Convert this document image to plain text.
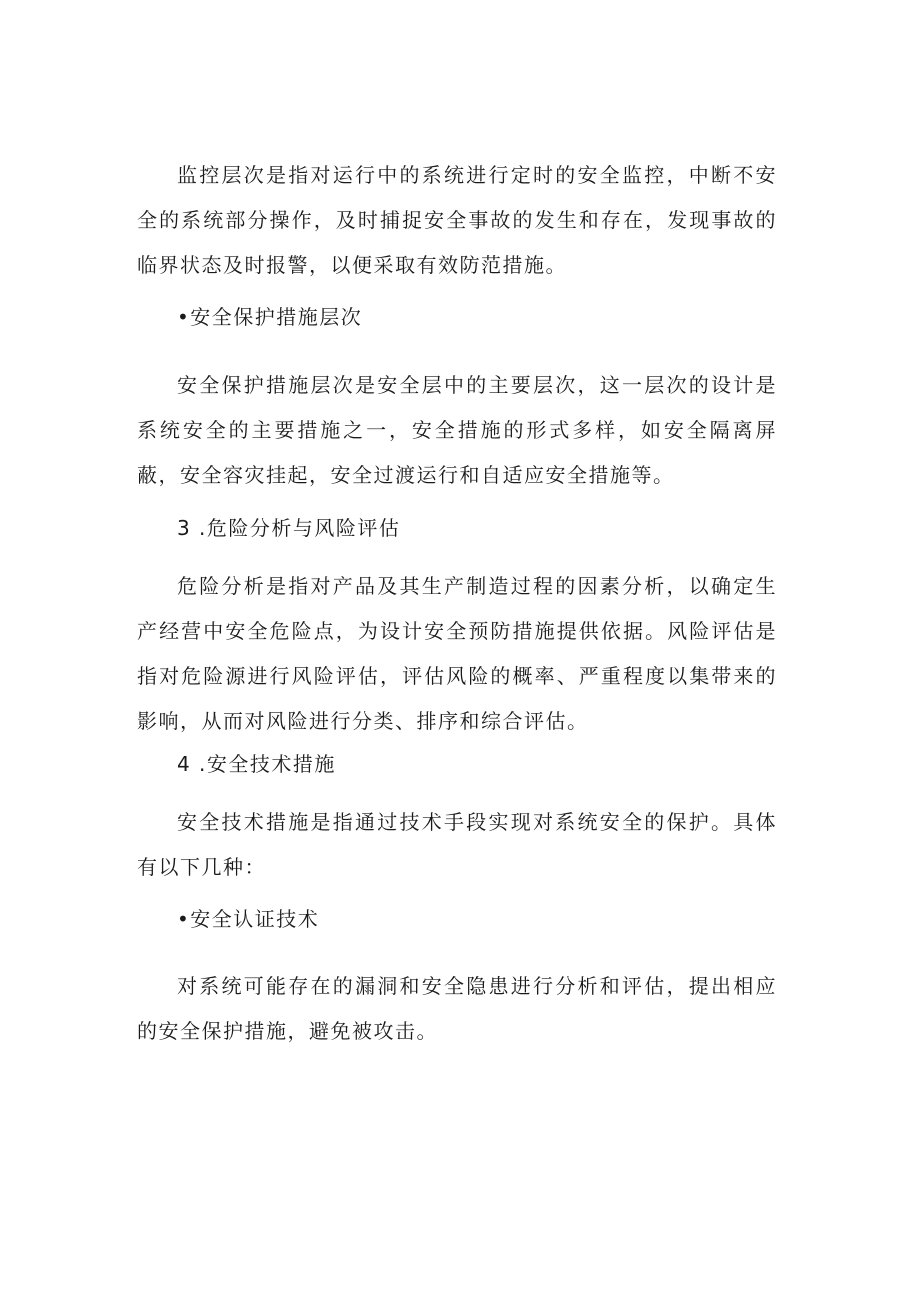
监控层次是指对运行中的系统进行定时的安全监控，中断不安全的系统部分操作，及时捕捉安全事故的发生和存在，发现事故的临界状态及时报警，以便采取有效防范措施。

•安全保护措施层次

安全保护措施层次是安全层中的主要层次，这一层次的设计是系统安全的主要措施之一，安全措施的形式多样，如安全隔离屏蔽，安全容灾挂起，安全过渡运行和自适应安全措施等。

3 .危险分析与风险评估

危险分析是指对产品及其生产制造过程的因素分析，以确定生产经营中安全危险点，为设计安全预防措施提供依据。风险评估是指对危险源进行风险评估，评估风险的概率、严重程度以集带来的影响，从而对风险进行分类、排序和综合评估。

4 .安全技术措施

安全技术措施是指通过技术手段实现对系统安全的保护。具体有以下几种：

•安全认证技术

对系统可能存在的漏洞和安全隐患进行分析和评估，提出相应的安全保护措施，避免被攻击。
